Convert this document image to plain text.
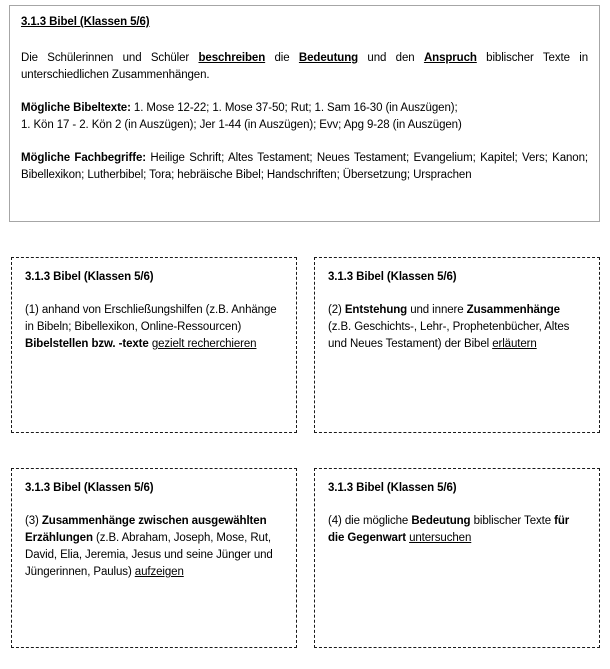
3.1.3 Bibel (Klassen 5/6)

Die Schülerinnen und Schüler beschreiben die Bedeutung und den Anspruch biblischer Texte in unterschiedlichen Zusammenhängen.

Mögliche Bibeltexte: 1. Mose 12-22; 1. Mose 37-50; Rut; 1. Sam 16-30 (in Auszügen);

1. Kön 17 - 2. Kön 2 (in Auszügen); Jer 1-44 (in Auszügen); Evv; Apg 9-28 (in Auszügen)

Mögliche Fachbegriffe: Heilige Schrift; Altes Testament; Neues Testament; Evangelium; Kapitel; Vers; Kanon; Bibellexikon; Lutherbibel; Tora; hebräische Bibel; Handschriften; Übersetzung; Ursprachen

3.1.3 Bibel (Klassen 5/6)

(1) anhand von Erschließungshilfen (z.B. Anhänge in Bibeln; Bibellexikon, Online-Ressourcen) Bibelstellen bzw. -texte gezielt recherchieren

3.1.3 Bibel (Klassen 5/6)

(2) Entstehung und innere Zusammenhänge (z.B. Geschichts-, Lehr-, Prophetenbücher, Altes und Neues Testament) der Bibel erläutern

3.1.3 Bibel (Klassen 5/6)

(3) Zusammenhänge zwischen ausgewählten Erzählungen (z.B. Abraham, Joseph, Mose, Rut, David, Elia, Jeremia, Jesus und seine Jünger und Jüngerinnen, Paulus) aufzeigen

3.1.3 Bibel (Klassen 5/6)

(4) die mögliche Bedeutung biblischer Texte für die Gegenwart untersuchen
